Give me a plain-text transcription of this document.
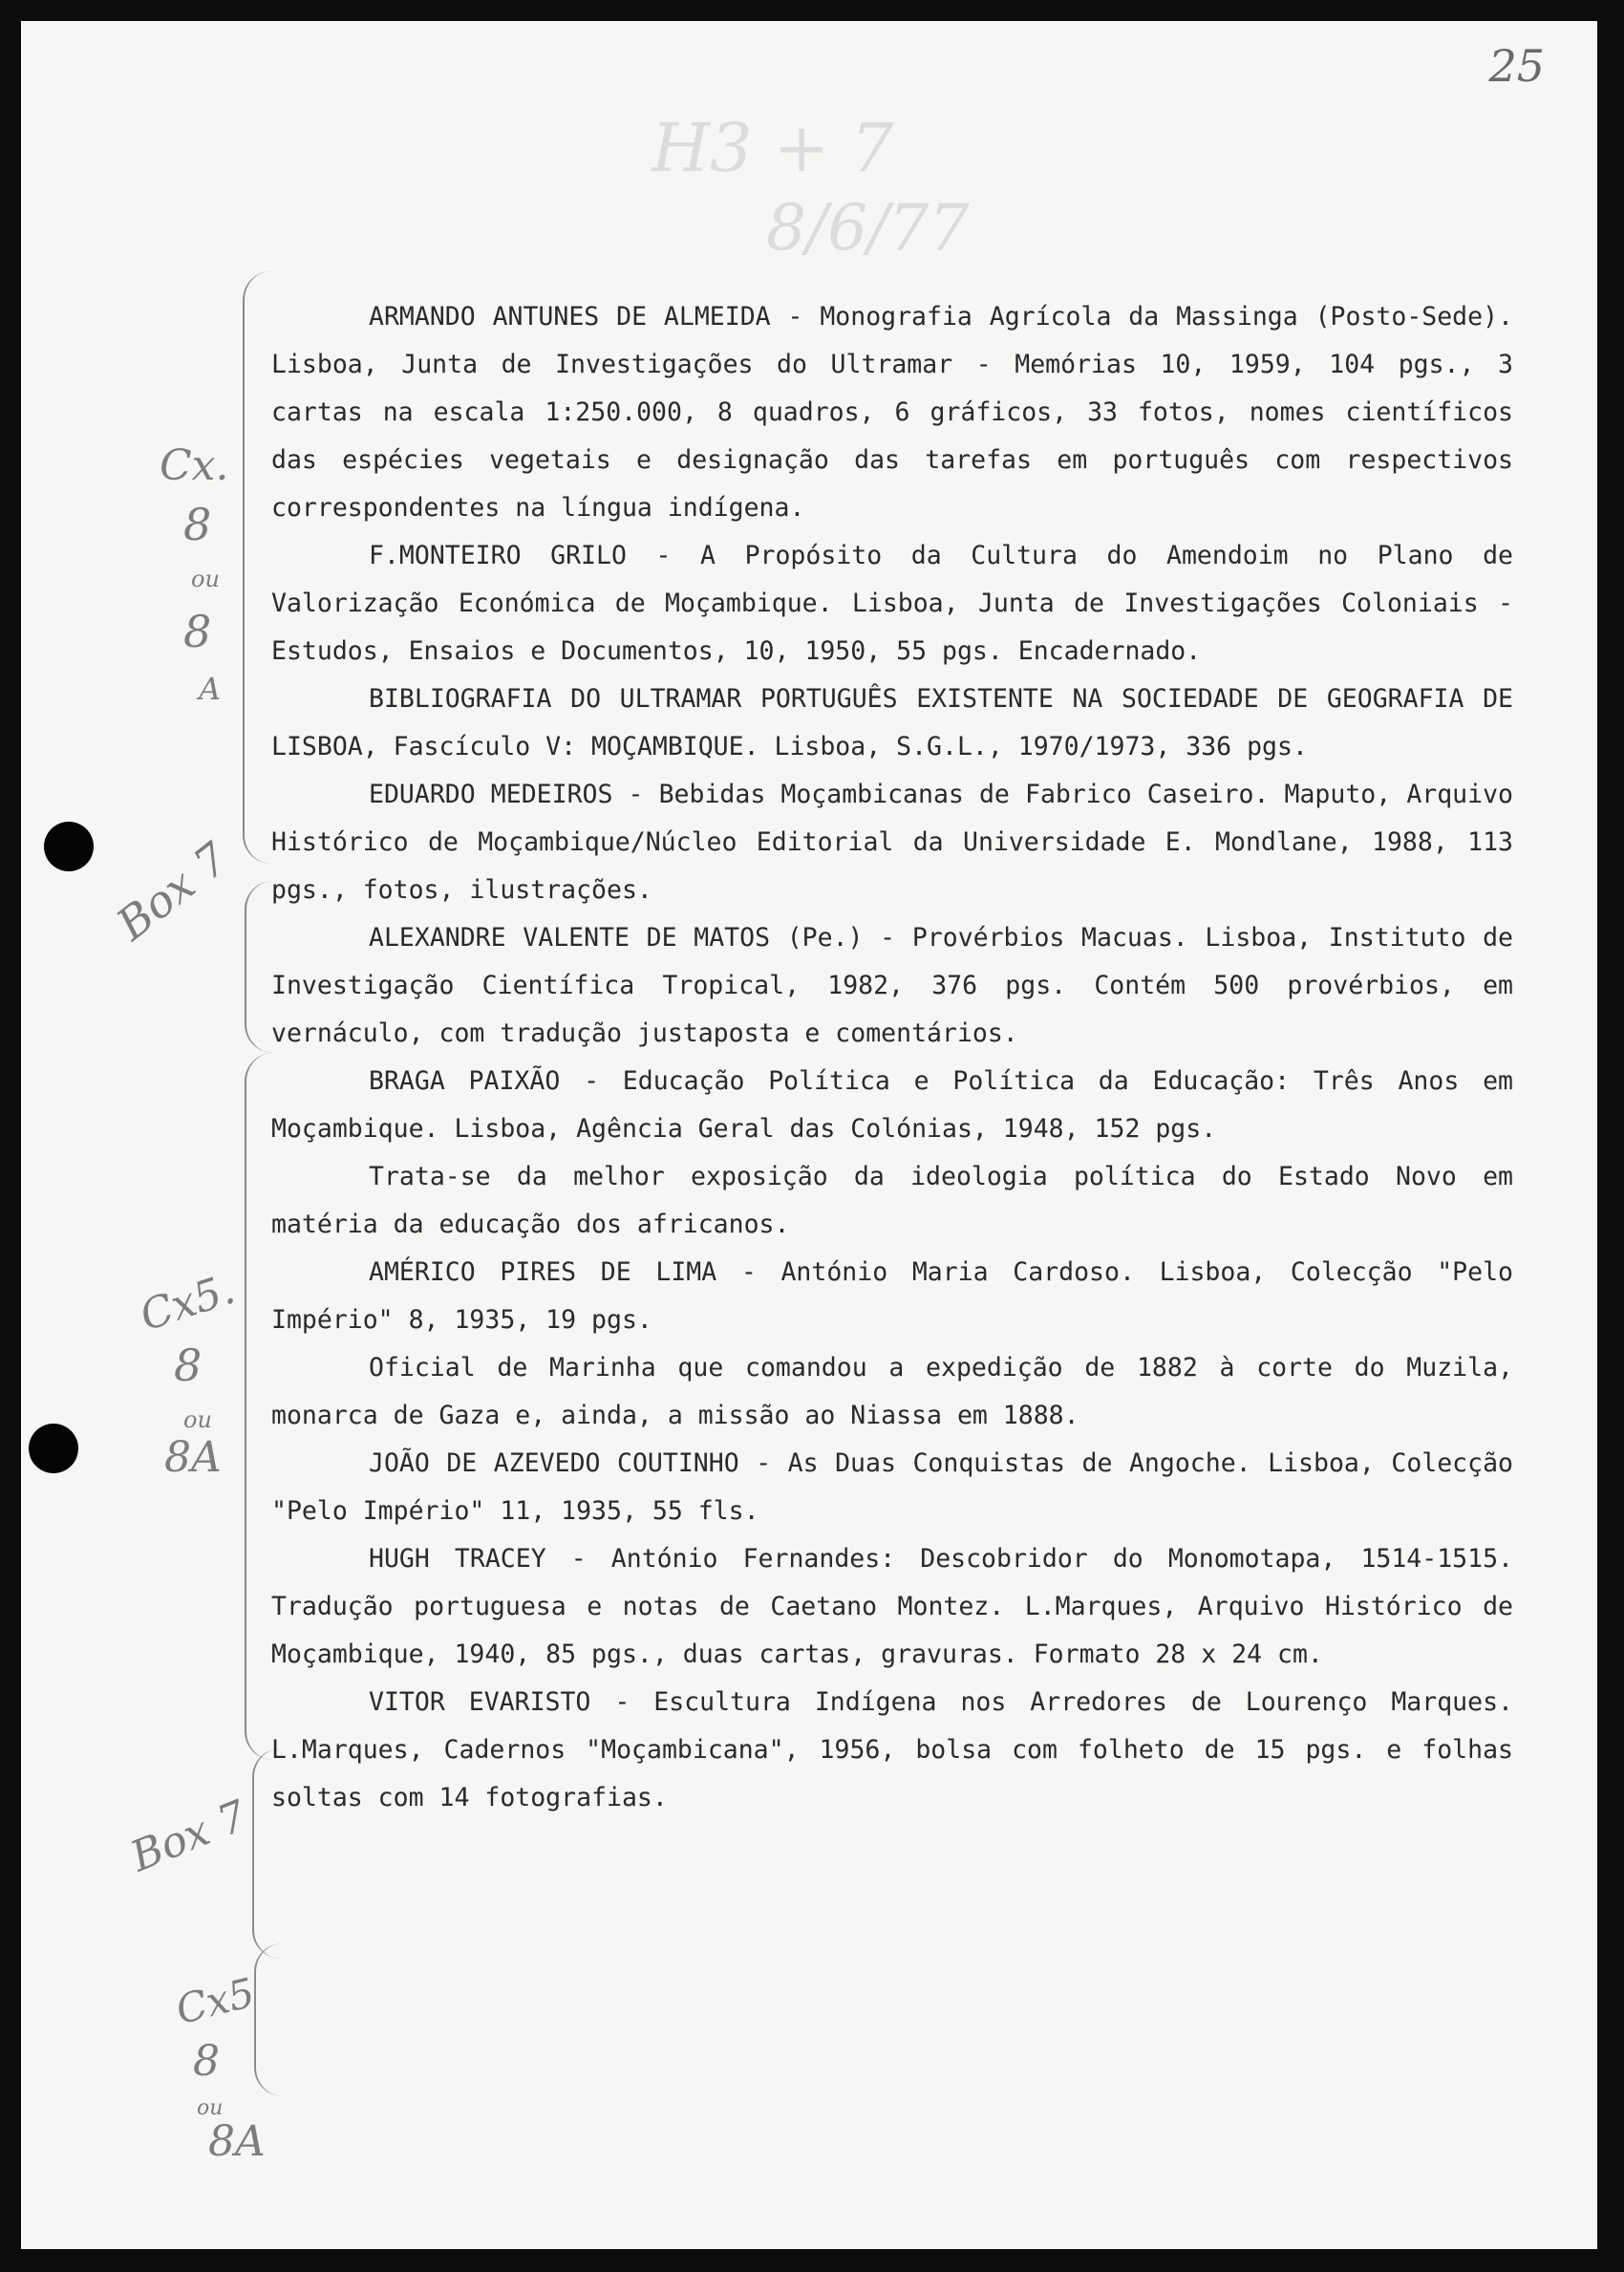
25
H3 + 7
8/6/77
Cx.
8
ou
8
A
Box 7
Cx5.
8
ou
8A
Box 7
Cx5
8
ou
8A

ARMANDO ANTUNES DE ALMEIDA - Monografia Agrícola da Massinga (Posto-Sede). Lisboa, Junta de Investigações do Ultramar - Memórias 10, 1959, 104 pgs., 3 cartas na escala 1:250.000, 8 quadros, 6 gráficos, 33 fotos, nomes científicos das espécies vegetais e designação das tarefas em português com respectivos correspondentes na língua indígena.

F.MONTEIRO GRILO - A Propósito da Cultura do Amendoim no Plano de Valorização Económica de Moçambique. Lisboa, Junta de Investigações Coloniais - Estudos, Ensaios e Documentos, 10, 1950, 55 pgs. Encadernado.

BIBLIOGRAFIA DO ULTRAMAR PORTUGUÊS EXISTENTE NA SOCIEDADE DE GEOGRAFIA DE LISBOA, Fascículo V: MOÇAMBIQUE. Lisboa, S.G.L., 1970/1973, 336 pgs.

EDUARDO MEDEIROS - Bebidas Moçambicanas de Fabrico Caseiro. Maputo, Arquivo Histórico de Moçambique/Núcleo Editorial da Universidade E. Mondlane, 1988, 113 pgs., fotos, ilustrações.

ALEXANDRE VALENTE DE MATOS (Pe.) - Provérbios Macuas. Lisboa, Instituto de Investigação Científica Tropical, 1982, 376 pgs. Contém 500 provérbios, em vernáculo, com tradução justaposta e comentários.

BRAGA PAIXÃO - Educação Política e Política da Educação: Três Anos em Moçambique. Lisboa, Agência Geral das Colónias, 1948, 152 pgs.

Trata-se da melhor exposição da ideologia política do Estado Novo em matéria da educação dos africanos.

AMÉRICO PIRES DE LIMA - António Maria Cardoso. Lisboa, Colecção "Pelo Império" 8, 1935, 19 pgs.

Oficial de Marinha que comandou a expedição de 1882 à corte do Muzila, monarca de Gaza e, ainda, a missão ao Niassa em 1888.

JOÃO DE AZEVEDO COUTINHO - As Duas Conquistas de Angoche. Lisboa, Colecção "Pelo Império" 11, 1935, 55 fls.

HUGH TRACEY - António Fernandes: Descobridor do Monomotapa, 1514-1515. Tradução portuguesa e notas de Caetano Montez. L.Marques, Arquivo Histórico de Moçambique, 1940, 85 pgs., duas cartas, gravuras. Formato 28 x 24 cm.

VITOR EVARISTO - Escultura Indígena nos Arredores de Lourenço Marques. L.Marques, Cadernos "Moçambicana", 1956, bolsa com folheto de 15 pgs. e folhas soltas com 14 fotografias.
